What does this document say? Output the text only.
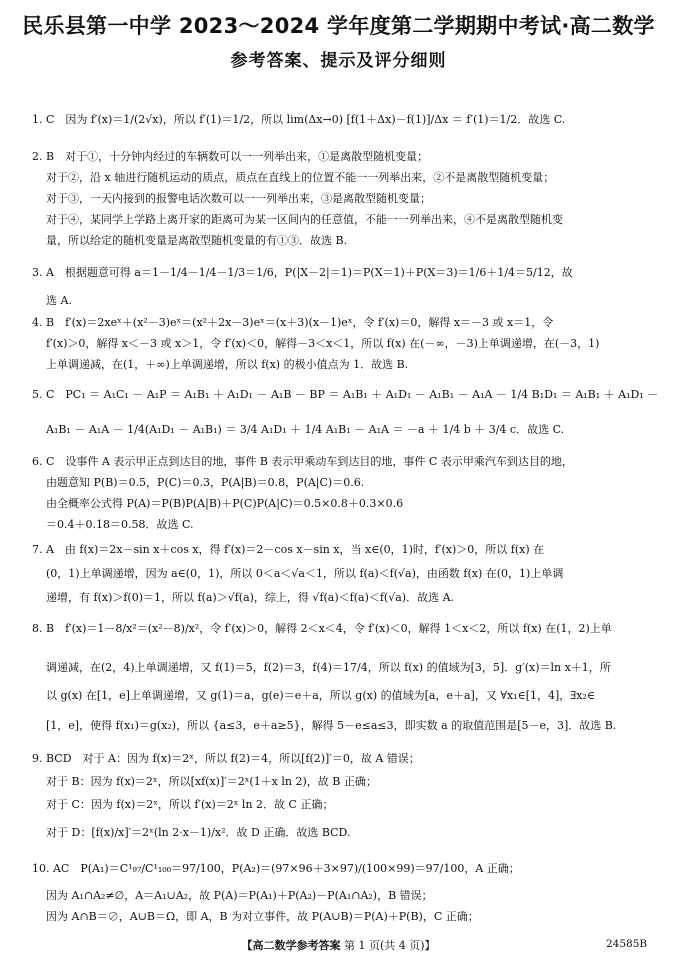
民乐县第一中学 2023～2024 学年度第二学期期中考试·高二数学
参考答案、提示及评分细则
1. C　因为 f′(x)＝1/(2√x)，所以 f′(1)＝1/2，所以 lim(Δx→0) [f(1＋Δx)－f(1)]/Δx ＝ f′(1)＝1/2．故选 C.
2. B　对于①，十分钟内经过的车辆数可以一一列举出来，①是离散型随机变量；
对于②，沿 x 轴进行随机运动的质点，质点在直线上的位置不能一一列举出来，②不是离散型随机变量；
对于③，一天内接到的报警电话次数可以一一列举出来，③是离散型随机变量；
对于④，某同学上学路上离开家的距离可为某一区间内的任意值，不能一一列举出来，④不是离散型随机变
量，所以给定的随机变量是离散型随机变量的有①③．故选 B.
3. A　根据题意可得 a＝1－1/4－1/4－1/3＝1/6，P(|X－2|＝1)＝P(X＝1)＋P(X＝3)＝1/6＋1/4＝5/12，故
选 A.
4. B　f′(x)＝2xeˣ＋(x²－3)eˣ＝(x²＋2x－3)eˣ＝(x＋3)(x－1)eˣ，令 f′(x)＝0，解得 x＝－3 或 x＝1，令
f′(x)＞0，解得 x＜－3 或 x＞1，令 f′(x)＜0，解得－3＜x＜1，所以 f(x) 在(－∞，－3)上单调递增，在(－3，1)
上单调递减，在(1，＋∞)上单调递增，所以 f(x) 的极小值点为 1．故选 B.
5. C　PC₁ ＝ A₁C₁ － A₁P ＝ A₁B₁ ＋ A₁D₁ － A₁B － BP ＝ A₁B₁ ＋ A₁D₁ － A₁B₁ － A₁A － 1/4 B₁D₁ ＝ A₁B₁ ＋ A₁D₁ －
A₁B₁ － A₁A － 1/4(A₁D₁ － A₁B₁) ＝ 3/4 A₁D₁ ＋ 1/4 A₁B₁ － A₁A ＝ －a ＋ 1/4 b ＋ 3/4 c．故选 C.
6. C　设事件 A 表示甲正点到达目的地，事件 B 表示甲乘动车到达目的地，事件 C 表示甲乘汽车到达目的地，
由题意知 P(B)＝0.5，P(C)＝0.3，P(A|B)＝0.8，P(A|C)＝0.6.
由全概率公式得 P(A)＝P(B)P(A|B)＋P(C)P(A|C)＝0.5×0.8＋0.3×0.6
＝0.4＋0.18＝0.58．故选 C.
7. A　由 f(x)＝2x－sin x＋cos x，得 f′(x)＝2－cos x－sin x，当 x∈(0，1)时，f′(x)＞0，所以 f(x) 在
(0，1)上单调递增，因为 a∈(0，1)，所以 0＜a＜√a＜1，所以 f(a)＜f(√a)，由函数 f(x) 在(0，1)上单调
递增，有 f(x)＞f(0)＝1，所以 f(a)＞√f(a)，综上，得 √f(a)＜f(a)＜f(√a)．故选 A.
8. B　f′(x)＝1－8/x²＝(x²－8)/x²，令 f′(x)＞0，解得 2＜x＜4，令 f′(x)＜0，解得 1＜x＜2，所以 f(x) 在(1，2)上单
调递减，在(2，4)上单调递增，又 f(1)＝5，f(2)＝3，f(4)＝17/4，所以 f(x) 的值域为[3，5]．g′(x)＝ln x＋1，所
以 g(x) 在[1，e]上单调递增，又 g(1)＝a，g(e)＝e＋a，所以 g(x) 的值域为[a，e＋a]，又 ∀x₁∈[1，4]，∃x₂∈
[1，e]，使得 f(x₁)＝g(x₂)，所以 {a≤3，e＋a≥5}，解得 5－e≤a≤3，即实数 a 的取值范围是[5－e，3]．故选 B.
9. BCD　对于 A：因为 f(x)＝2ˣ，所以 f(2)＝4，所以[f(2)]′＝0，故 A 错误；
对于 B：因为 f(x)＝2ˣ，所以[xf(x)]′＝2ˣ(1＋x ln 2)，故 B 正确；
对于 C：因为 f(x)＝2ˣ，所以 f′(x)＝2ˣ ln 2．故 C 正确；
对于 D：[f(x)/x]′＝2ˣ(ln 2·x－1)/x²．故 D 正确．故选 BCD.
10. AC　P(A₁)＝C¹₉₇/C¹₁₀₀＝97/100，P(A₂)＝(97×96＋3×97)/(100×99)＝97/100，A 正确；
因为 A₁∩A₂≠∅，A＝A₁∪A₂，故 P(A)＝P(A₁)＋P(A₂)－P(A₁∩A₂)，B 错误；
因为 A∩B＝∅，A∪B＝Ω，即 A，B 为对立事件，故 P(A∪B)＝P(A)＋P(B)，C 正确；
【高二数学参考答案 第 1 页(共 4 页)】	24585B
